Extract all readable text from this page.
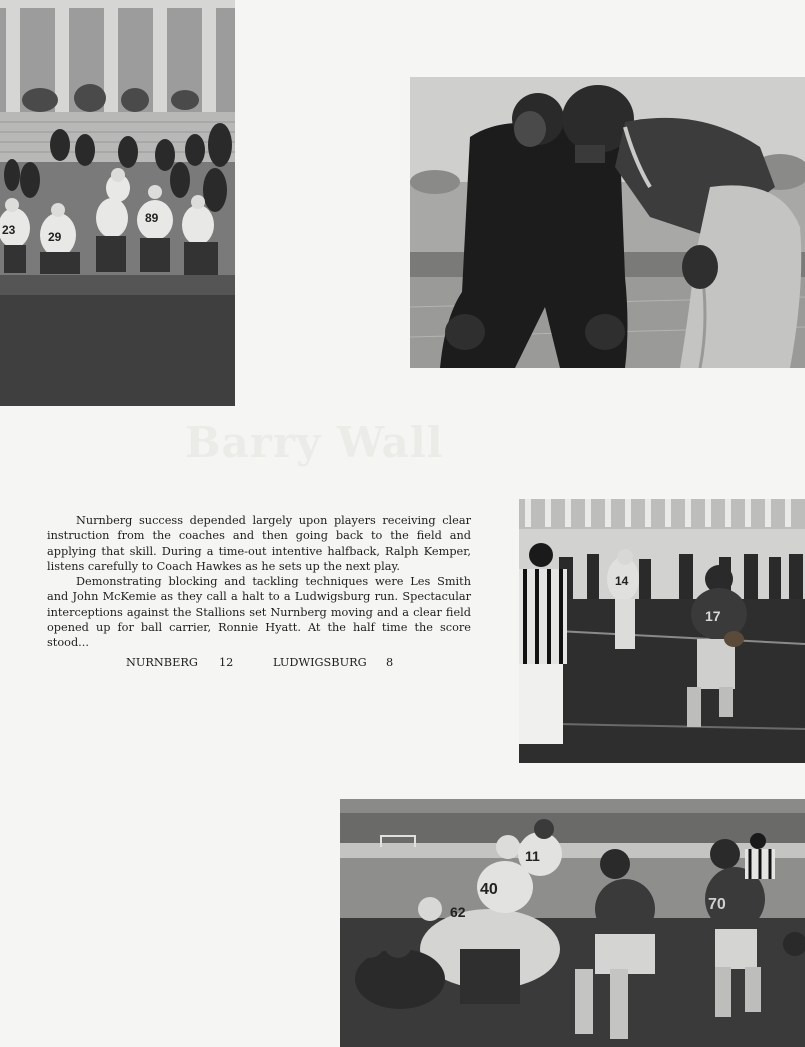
23	29
89
Barry Wall

Nurnberg success depended largely upon players receiving clear instruction from the coaches and then going back to the field and applying that skill. During a time-out intentive halfback, Ralph Kemper, listens carefully to Coach Hawkes as he sets up the next play.

Demonstrating blocking and tackling techniques were Les Smith and John McKemie as they call a halt to a Ludwigsburg run. Spectacular interceptions against the Stallions set Nurnberg moving and a clear field opened up for ball carrier, Ronnie Hyatt. At the half time the score stood...

NURNBERG 12	LUDWIGSBURG 8
14
17
40
11
62	70
